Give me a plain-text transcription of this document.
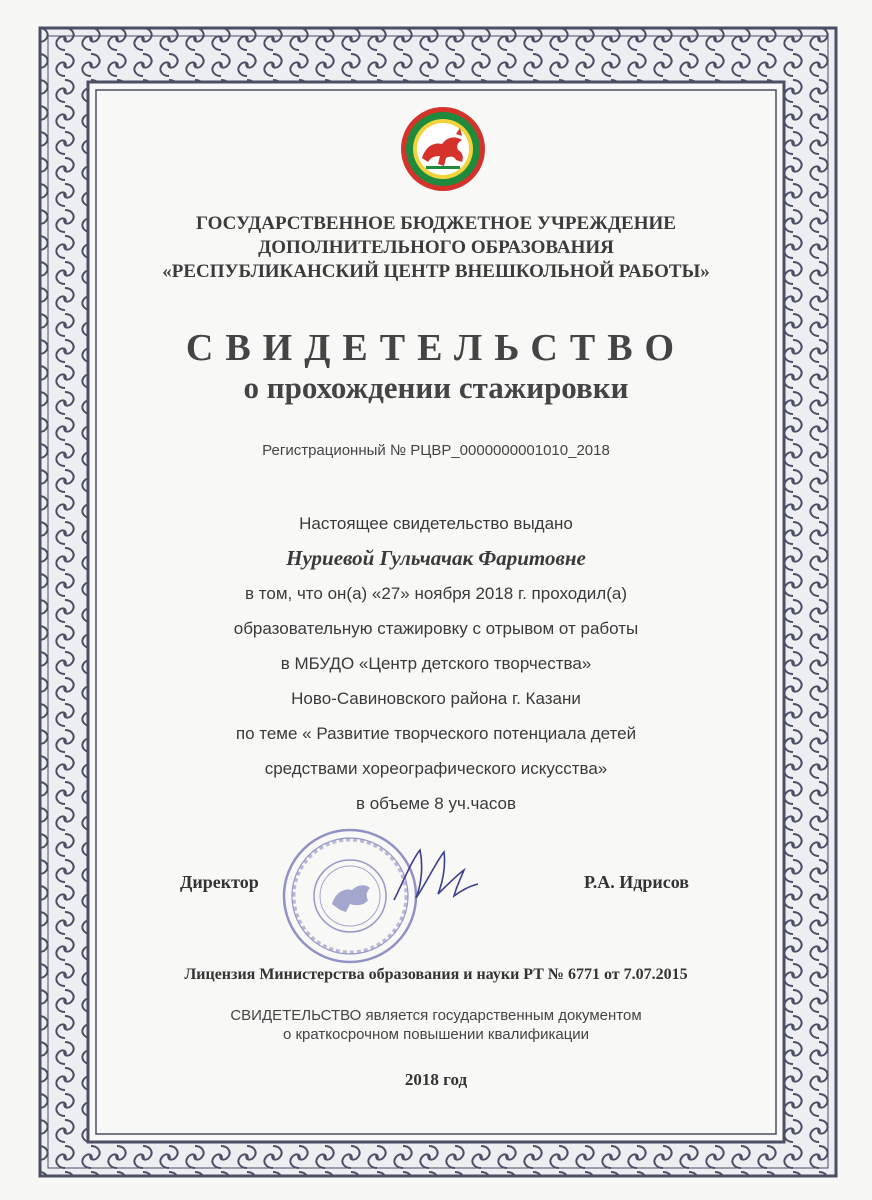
ГОСУДАРСТВЕННОЕ БЮДЖЕТНОЕ УЧРЕЖДЕНИЕ
ДОПОЛНИТЕЛЬНОГО ОБРАЗОВАНИЯ
«РЕСПУБЛИКАНСКИЙ ЦЕНТР ВНЕШКОЛЬНОЙ РАБОТЫ»
СВИДЕТЕЛЬСТВО
о прохождении стажировки
Регистрационный № РЦВР_0000000001010_2018
Настоящее свидетельство выдано
Нуриевой Гульчачак Фаритовне
в том, что он(а) «27» ноября 2018 г. проходил(а)
образовательную стажировку с отрывом от работы
в МБУДО «Центр детского творчества»
Ново-Савиновского района г. Казани
по теме « Развитие творческого потенциала детей
средствами хореографического искусства»
в объеме 8 уч.часов
Директор	Р.А. Идрисов
Лицензия Министерства образования и науки РТ № 6771 от 7.07.2015
СВИДЕТЕЛЬСТВО является государственным документом
о краткосрочном повышении квалификации
2018 год
